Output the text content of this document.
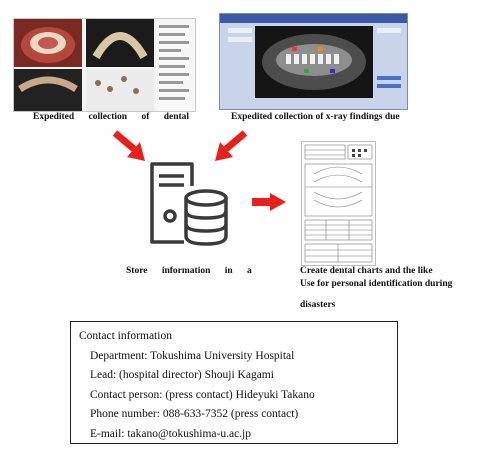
Expedited collection of dental	Expedited collection of x-ray findings due
Store information in a	Create dental charts and the like
Use for personal identification during
disasters
Contact information
Department: Tokushima University Hospital
Lead: (hospital director) Shouji Kagami
Contact person: (press contact) Hideyuki Takano
Phone number: 088-633-7352 (press contact)
E-mail: takano@tokushima-u.ac.jp
